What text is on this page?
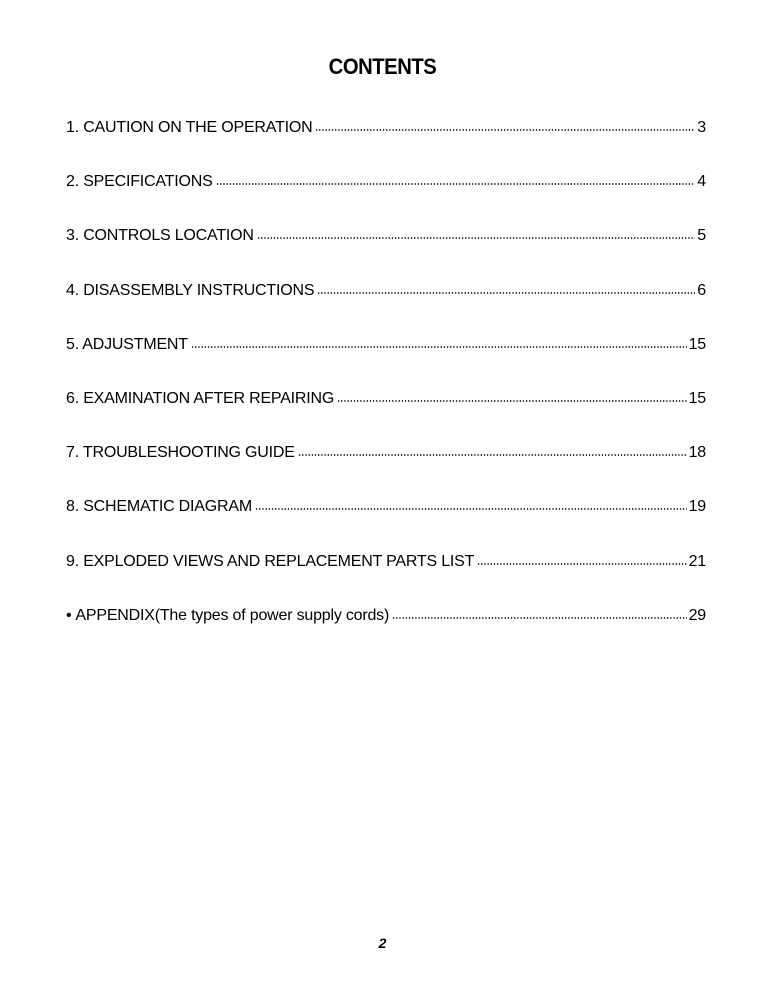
CONTENTS
1. CAUTION ON THE OPERATION	3
2. SPECIFICATIONS	4
3. CONTROLS LOCATION	5
4. DISASSEMBLY INSTRUCTIONS	6
5. ADJUSTMENT	15
6. EXAMINATION AFTER REPAIRING	15
7. TROUBLESHOOTING GUIDE	18
8. SCHEMATIC DIAGRAM	19
9. EXPLODED VIEWS AND REPLACEMENT PARTS LIST	21
• APPENDIX(The types of power supply cords)	29
2
